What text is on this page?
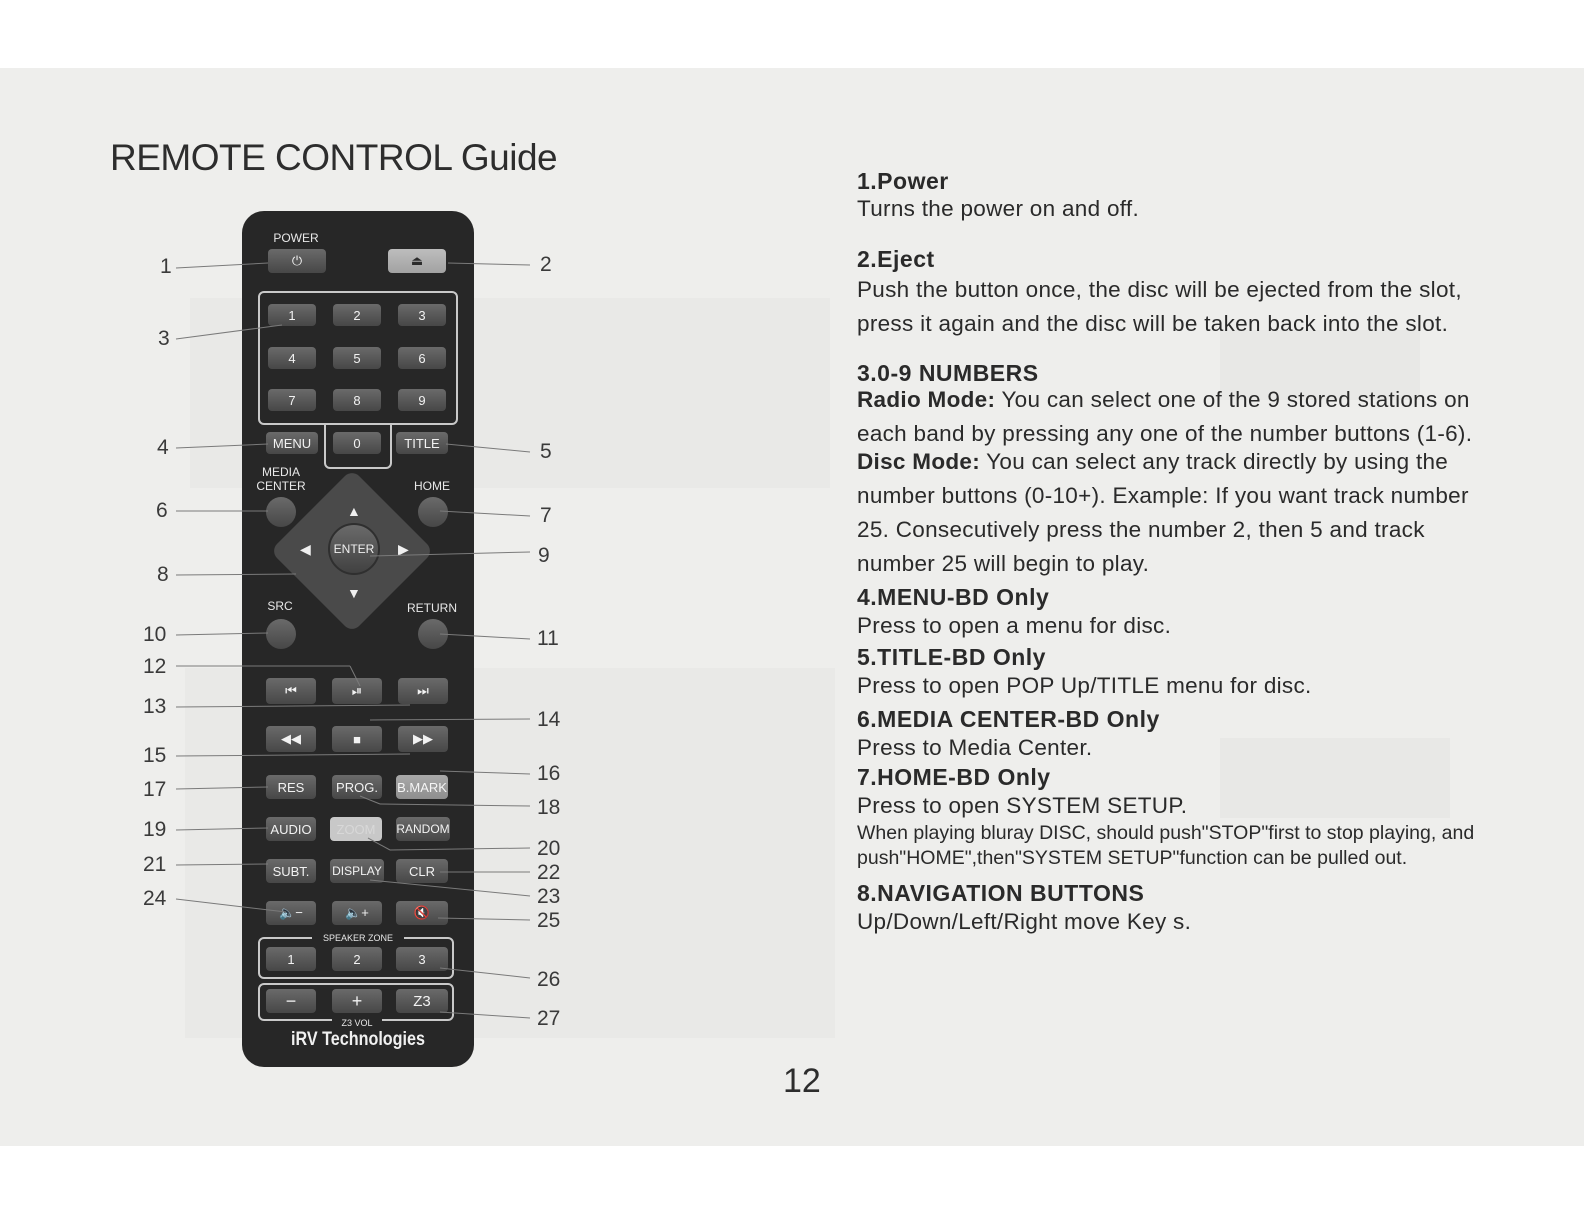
REMOTE CONTROL Guide
POWER
⏻	⏏
1	2	3
4	5	6
7	8	9
MENU	0	TITLE
MEDIA CENTER	HOME
▲
▼
◀	▶
ENTER
SRC	RETURN
⏮	⏯	⏭
◀◀	■	▶▶
RES	PROG.	B.MARK
AUDIO	ZOOM	RANDOM
SUBT.	DISPLAY	CLR
🔈−	🔈+	🔇
SPEAKER ZONE
1	2	3
−	+	Z3
Z3 VOL
iRV Technologies
1	2
3
4	5
6	7
8
9
10	11
12
13
14
15
16
17
18
19
20
21	22
23
24
25
26
27
12
1.Power
Turns the power on and off.
2.Eject
Push the button once, the disc will be ejected from the slot, press it again and the disc will be taken back into the slot.
3.0-9 NUMBERS
Radio Mode: You can select one of the 9 stored stations on each band by pressing any one of the number buttons (1-6).
Disc Mode: You can select any track directly by using the number buttons (0-10+). Example: If you want track number 25. Consecutively press the number 2, then 5 and track number 25 will begin to play.
4.MENU-BD Only
Press to open a menu for disc.
5.TITLE-BD Only
Press to open POP Up/TITLE menu for disc.
6.MEDIA CENTER-BD Only
Press to Media Center.
7.HOME-BD Only
Press to open SYSTEM SETUP.
When playing bluray DISC, should push"STOP"first to stop playing, and push"HOME",then"SYSTEM SETUP"function can be pulled out.
8.NAVIGATION BUTTONS
Up/Down/Left/Right move Key s.
